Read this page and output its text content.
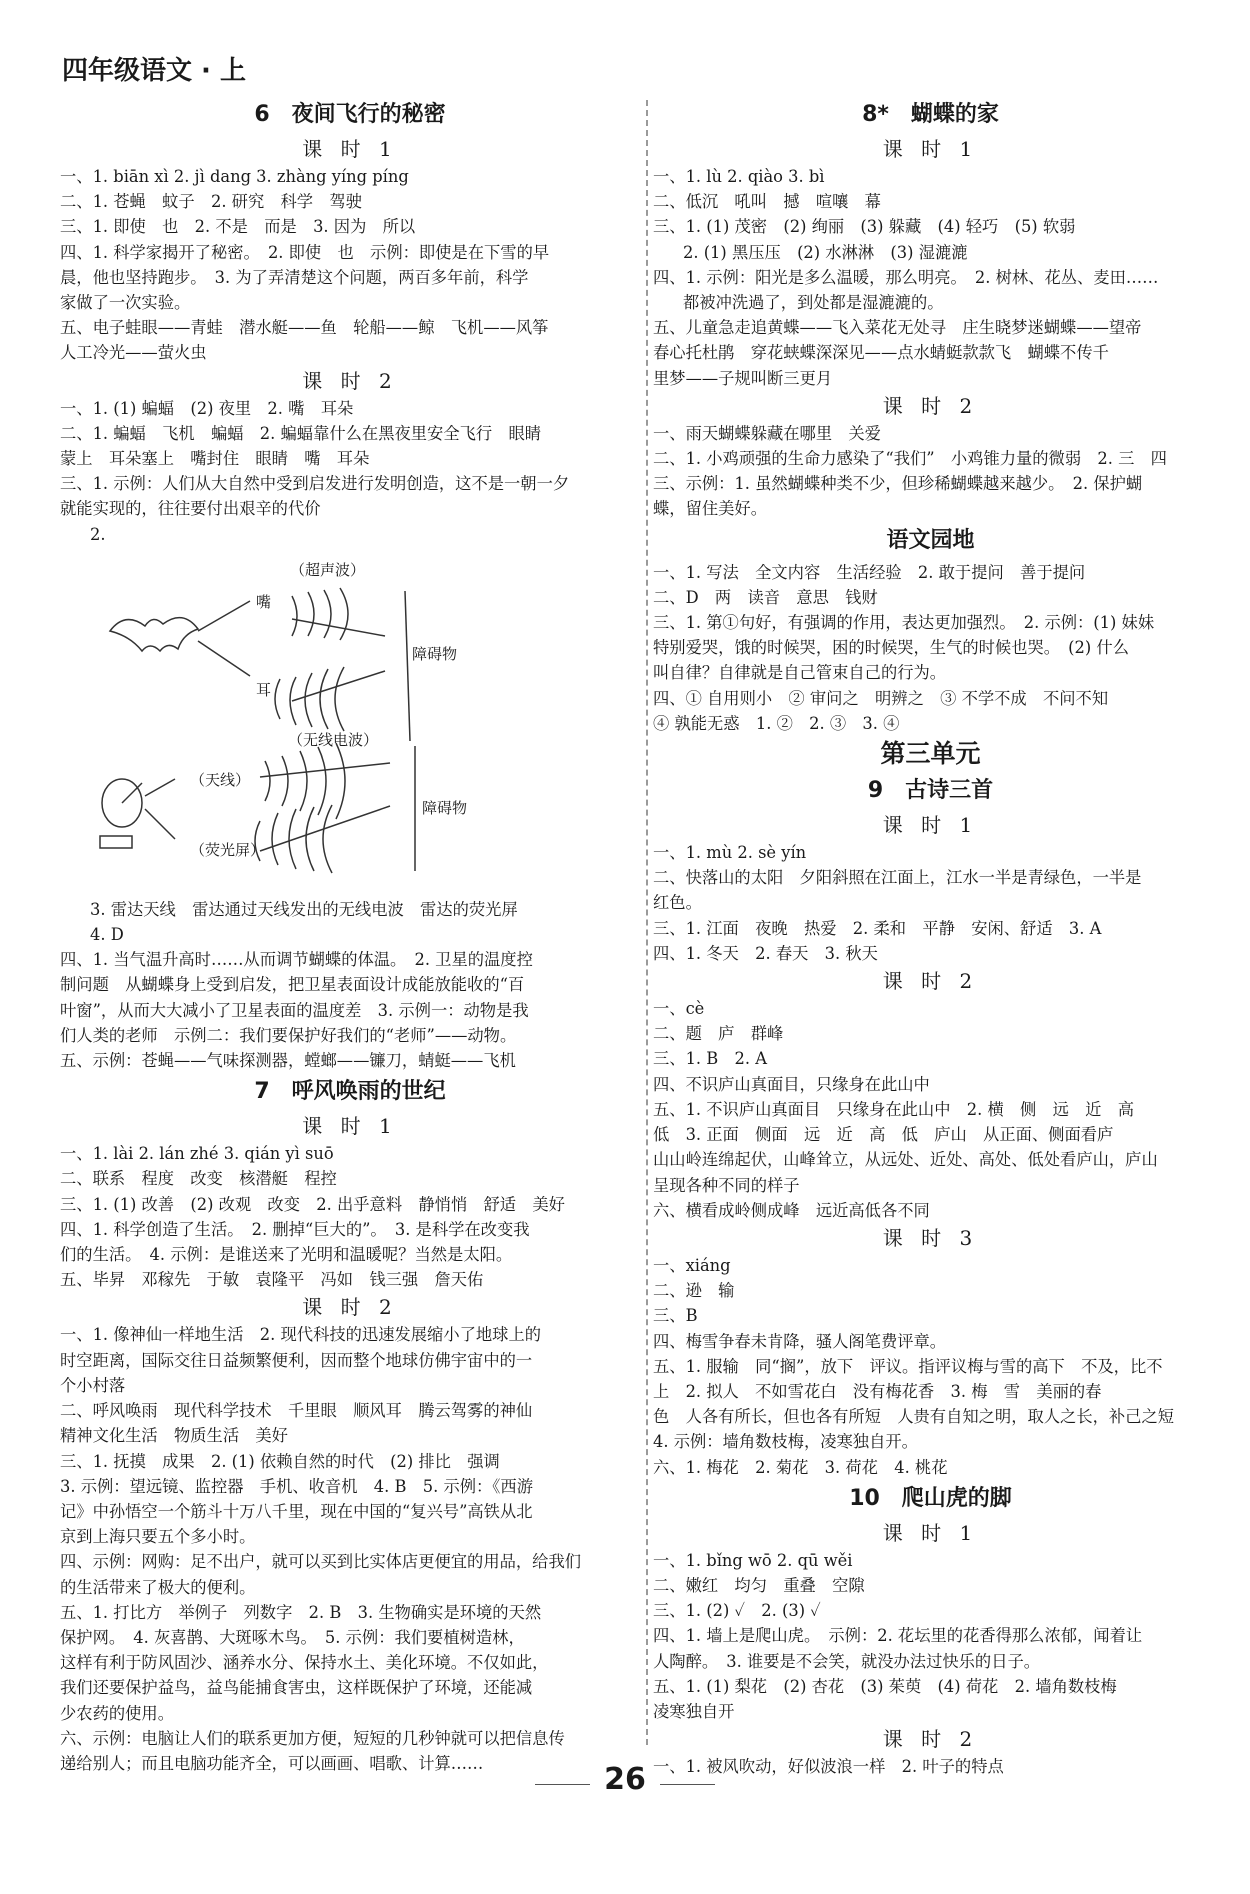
四年级语文 · 上
6　夜间飞行的秘密
课 时 1
一、1. biān xì 2. jì dang 3. zhàng yíng píng
二、1. 苍蝇　蚊子　2. 研究　科学　驾驶
三、1. 即使　也　2. 不是　而是　3. 因为　所以
四、1. 科学家揭开了秘密。　2. 即使　也　示例：即使是在下雪的早
晨，他也坚持跑步。　3. 为了弄清楚这个问题，两百多年前，科学
家做了一次实验。
五、电子蛙眼——青蛙　潜水艇——鱼　轮船——鲸　飞机——风筝
人工冷光——萤火虫
课 时 2
一、1. (1) 蝙蝠　(2) 夜里　2. 嘴　耳朵
二、1. 蝙蝠　飞机　蝙蝠　2. 蝙蝠靠什么在黑夜里安全飞行　眼睛
蒙上　耳朵塞上　嘴封住　眼睛　嘴　耳朵
三、1. 示例：人们从大自然中受到启发进行发明创造，这不是一朝一夕
就能实现的，往往要付出艰辛的代价
2.
（超声波）
嘴
耳
障碍物
（无线电波）
（天线）
（荧光屏）
障碍物
3. 雷达天线　雷达通过天线发出的无线电波　雷达的荧光屏
4. D
四、1. 当气温升高时……从而调节蝴蝶的体温。　2. 卫星的温度控
制问题　从蝴蝶身上受到启发，把卫星表面设计成能放能收的“百
叶窗”，从而大大减小了卫星表面的温度差　3. 示例一：动物是我
们人类的老师　示例二：我们要保护好我们的“老师”——动物。
五、示例：苍蝇——气味探测器，螳螂——镰刀，蜻蜓——飞机
7　呼风唤雨的世纪
课 时 1
一、1. lài 2. lán zhé 3. qián yì suō
二、联系　程度　改变　核潜艇　程控
三、1. (1) 改善　(2) 改观　改变　2. 出乎意料　静悄悄　舒适　美好
四、1. 科学创造了生活。　2. 删掉“巨大的”。　3. 是科学在改变我
们的生活。　4. 示例：是谁送来了光明和温暖呢？当然是太阳。
五、毕昇　邓稼先　于敏　袁隆平　冯如　钱三强　詹天佑
课 时 2
一、1. 像神仙一样地生活　2. 现代科技的迅速发展缩小了地球上的
时空距离，国际交往日益频繁便利，因而整个地球仿佛宇宙中的一
个小村落
二、呼风唤雨　现代科学技术　千里眼　顺风耳　腾云驾雾的神仙
精神文化生活　物质生活　美好
三、1. 抚摸　成果　2. (1) 依赖自然的时代　(2) 排比　强调
3. 示例：望远镜、监控器　手机、收音机　4. B　5. 示例：《西游
记》中孙悟空一个筋斗十万八千里，现在中国的“复兴号”高铁从北
京到上海只要五个多小时。
四、示例：网购：足不出户，就可以买到比实体店更便宜的用品，给我们
的生活带来了极大的便利。
五、1. 打比方　举例子　列数字　2. B　3. 生物确实是环境的天然
保护网。　4. 灰喜鹊、大斑啄木鸟。　5. 示例：我们要植树造林，
这样有利于防风固沙、涵养水分、保持水土、美化环境。不仅如此，
我们还要保护益鸟，益鸟能捕食害虫，这样既保护了环境，还能减
少农药的使用。
六、示例：电脑让人们的联系更加方便，短短的几秒钟就可以把信息传
递给别人；而且电脑功能齐全，可以画画、唱歌、计算……
8*　蝴蝶的家
课 时 1
一、1. lù 2. qiào 3. bì
二、低沉　吼叫　撼　喧嚷　幕
三、1. (1) 茂密　(2) 绚丽　(3) 躲藏　(4) 轻巧　(5) 软弱
2. (1) 黑压压　(2) 水淋淋　(3) 湿漉漉
四、1. 示例：阳光是多么温暖，那么明亮。　2. 树林、花丛、麦田……
都被冲洗過了，到处都是湿漉漉的。
五、儿童急走追黄蝶——飞入菜花无处寻　庄生晓梦迷蝴蝶——望帝
春心托杜鹃　穿花蛱蝶深深见——点水蜻蜓款款飞　蝴蝶不传千
里梦——子规叫断三更月
课 时 2
一、雨天蝴蝶躲藏在哪里　关爱
二、1. 小鸡顽强的生命力感染了“我们”　小鸡锥力量的微弱　2. 三　四
三、示例：1. 虽然蝴蝶种类不少，但珍稀蝴蝶越来越少。　2. 保护蝴
蝶，留住美好。
语文园地
一、1. 写法　全文内容　生活经验　2. 敢于提问　善于提问
二、D　两　读音　意思　钱财
三、1. 第①句好，有强调的作用，表达更加强烈。　2. 示例：(1) 妹妹
特别爱哭，饿的时候哭，困的时候哭，生气的时候也哭。　(2) 什么
叫自律？自律就是自己管束自己的行为。
四、① 自用则小　② 审问之　明辨之　③ 不学不成　不问不知
④ 孰能无惑　1. ②　2. ③　3. ④
第三单元
9　古诗三首
课 时 1
一、1. mù 2. sè yín
二、快落山的太阳　夕阳斜照在江面上，江水一半是青绿色，一半是
红色。
三、1. 江面　夜晚　热爱　2. 柔和　平静　安闲、舒适　3. A
四、1. 冬天　2. 春天　3. 秋天
课 时 2
一、cè
二、题　庐　群峰
三、1. B　2. A
四、不识庐山真面目，只缘身在此山中
五、1. 不识庐山真面目　只缘身在此山中　2. 横　侧　远　近　高
低　3. 正面　侧面　远　近　高　低　庐山　从正面、侧面看庐
山山岭连绵起伏，山峰耸立，从远处、近处、高处、低处看庐山，庐山
呈现各种不同的样子
六、横看成岭侧成峰　远近高低各不同
课 时 3
一、xiáng
二、逊　输
三、B
四、梅雪争春未肯降，骚人阁笔费评章。
五、1. 服输　同“搁”，放下　评议。指评议梅与雪的高下　不及，比不
上　2. 拟人　不如雪花白　没有梅花香　3. 梅　雪　美丽的春
色　人各有所长，但也各有所短　人贵有自知之明，取人之长，补己之短
4. 示例：墙角数枝梅，凌寒独自开。
六、1. 梅花　2. 菊花　3. 荷花　4. 桃花
10　爬山虎的脚
课 时 1
一、1. bǐng wō 2. qū wěi
二、嫩红　均匀　重叠　空隙
三、1. (2) ✓　2. (3) ✓
四、1. 墙上是爬山虎。　示例：2. 花坛里的花香得那么浓郁，闻着让
人陶醉。　3. 谁要是不会笑，就没办法过快乐的日子。
五、1. (1) 梨花　(2) 杏花　(3) 茱萸　(4) 荷花　2. 墙角数枝梅
凌寒独自开
课 时 2
一、1. 被风吹动，好似波浪一样　2. 叶子的特点
26
